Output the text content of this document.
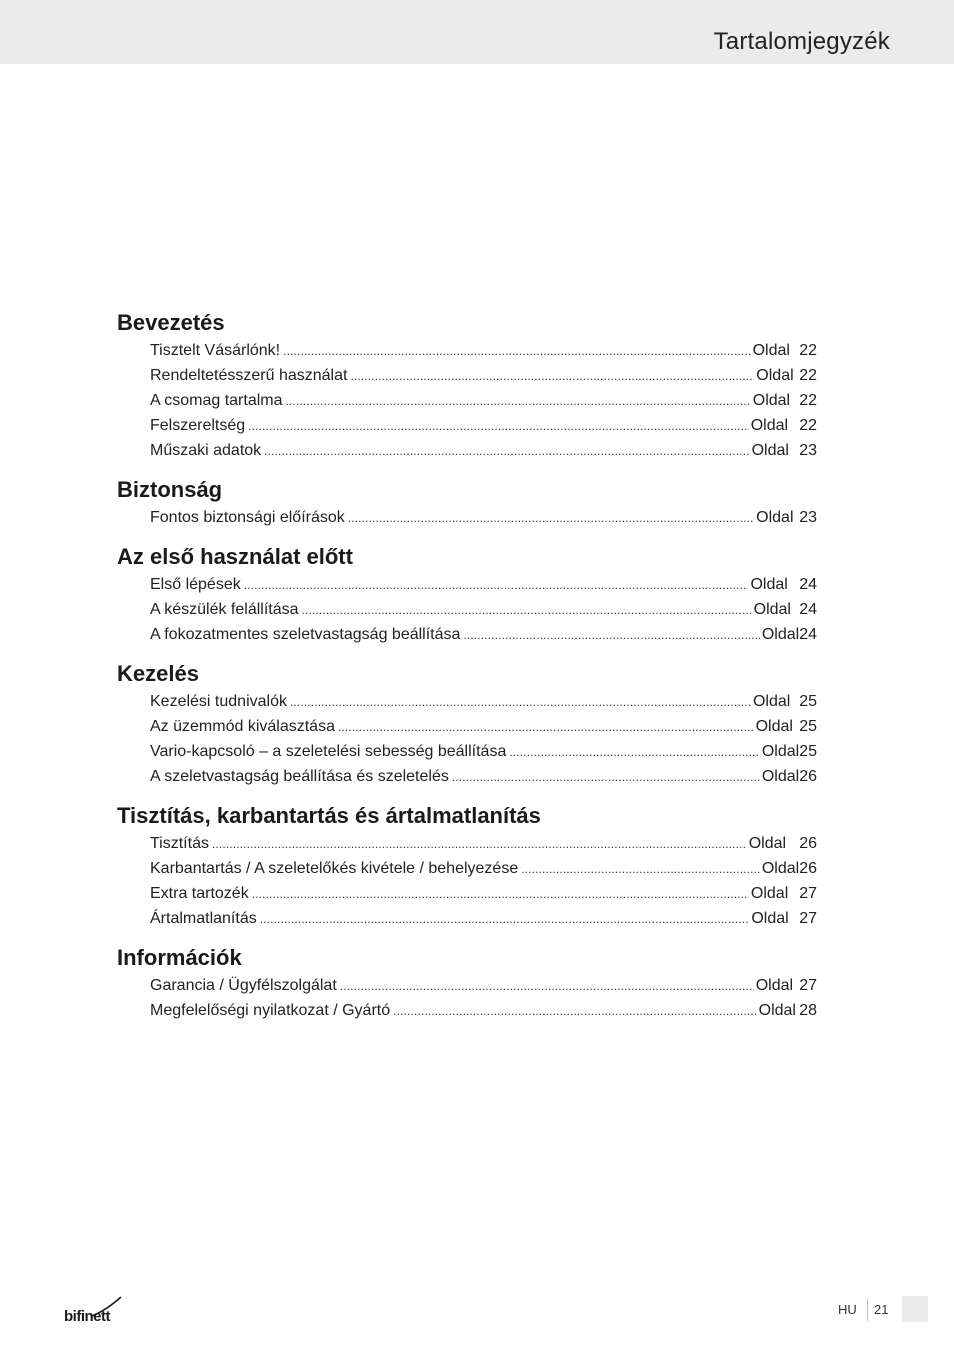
Tartalomjegyzék
Bevezetés
Tisztelt Vásárlónk! . . .	Oldal 22
Rendeltetésszerű használat . . .	Oldal 22
A csomag tartalma . . .	Oldal 22
Felszereltség . . .	Oldal 22
Műszaki adatok . . .	Oldal 23
Biztonság
Fontos biztonsági előírások . . .	Oldal 23
Az első használat előtt
Első lépések . . .	Oldal 24
A készülék felállítása . . .	Oldal 24
A fokozatmentes szeletvastagság beállítása . . .	Oldal 24
Kezelés
Kezelési tudnivalók . . .	Oldal 25
Az üzemmód kiválasztása . . .	Oldal 25
Vario-kapcsoló – a szeletelési sebesség beállítása . . .	Oldal 25
A szeletvastagság beállítása és szeletelés . . .	Oldal 26
Tisztítás, karbantartás és ártalmatlanítás
Tisztítás . . .	Oldal 26
Karbantartás / A szeletelőkés kivétele / behelyezése . . .	Oldal 26
Extra tartozék . . .	Oldal 27
Ártalmatlanítás . . .	Oldal 27
Információk
Garancia / Ügyfélszolgálat . . .	Oldal 27
Megfelelőségi nyilatkozat / Gyártó . . .	Oldal 28
bifinett	HU 21
